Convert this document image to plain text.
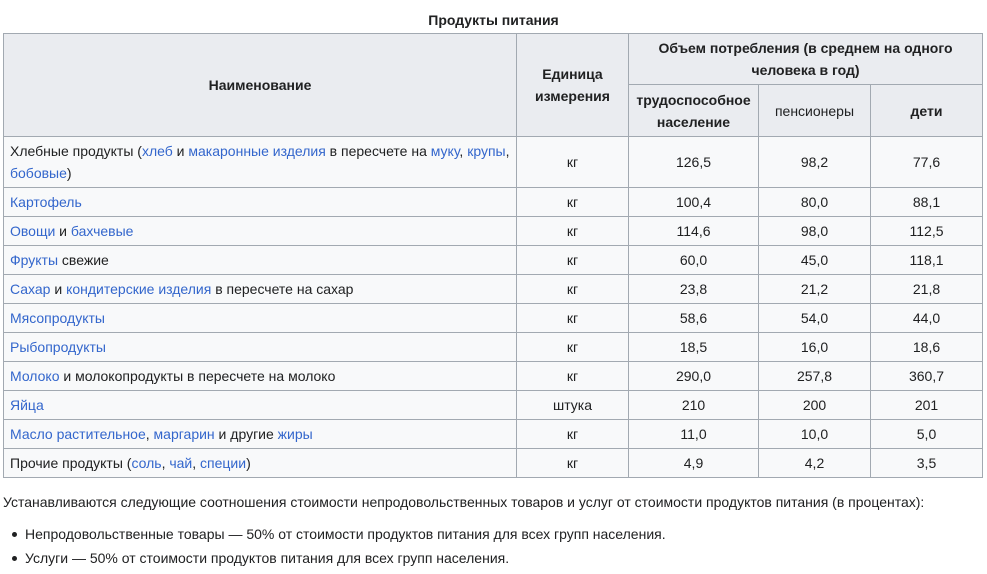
Продукты питания
Наименование	Единица измерения	Объем потребления (в среднем на одного человека в год)		
		трудоспособное население	пенсионеры	дети
Хлебные продукты (хлеб и макаронные изделия в пересчете на муку, крупы, бобовые)	кг	126,5	98,2	77,6
Картофель	кг	100,4	80,0	88,1
Овощи и бахчевые	кг	114,6	98,0	112,5
Фрукты свежие	кг	60,0	45,0	118,1
Сахар и кондитерские изделия в пересчете на сахар	кг	23,8	21,2	21,8
Мясопродукты	кг	58,6	54,0	44,0
Рыбопродукты	кг	18,5	16,0	18,6
Молоко и молокопродукты в пересчете на молоко	кг	290,0	257,8	360,7
Яйца	штука	210	200	201
Масло растительное, маргарин и другие жиры	кг	11,0	10,0	5,0
Прочие продукты (соль, чай, специи)	кг	4,9	4,2	3,5
Устанавливаются следующие соотношения стоимости непродовольственных товаров и услуг от стоимости продуктов питания (в процентах):
Непродовольственные товары — 50% от стоимости продуктов питания для всех групп населения.
Услуги — 50% от стоимости продуктов питания для всех групп населения.
